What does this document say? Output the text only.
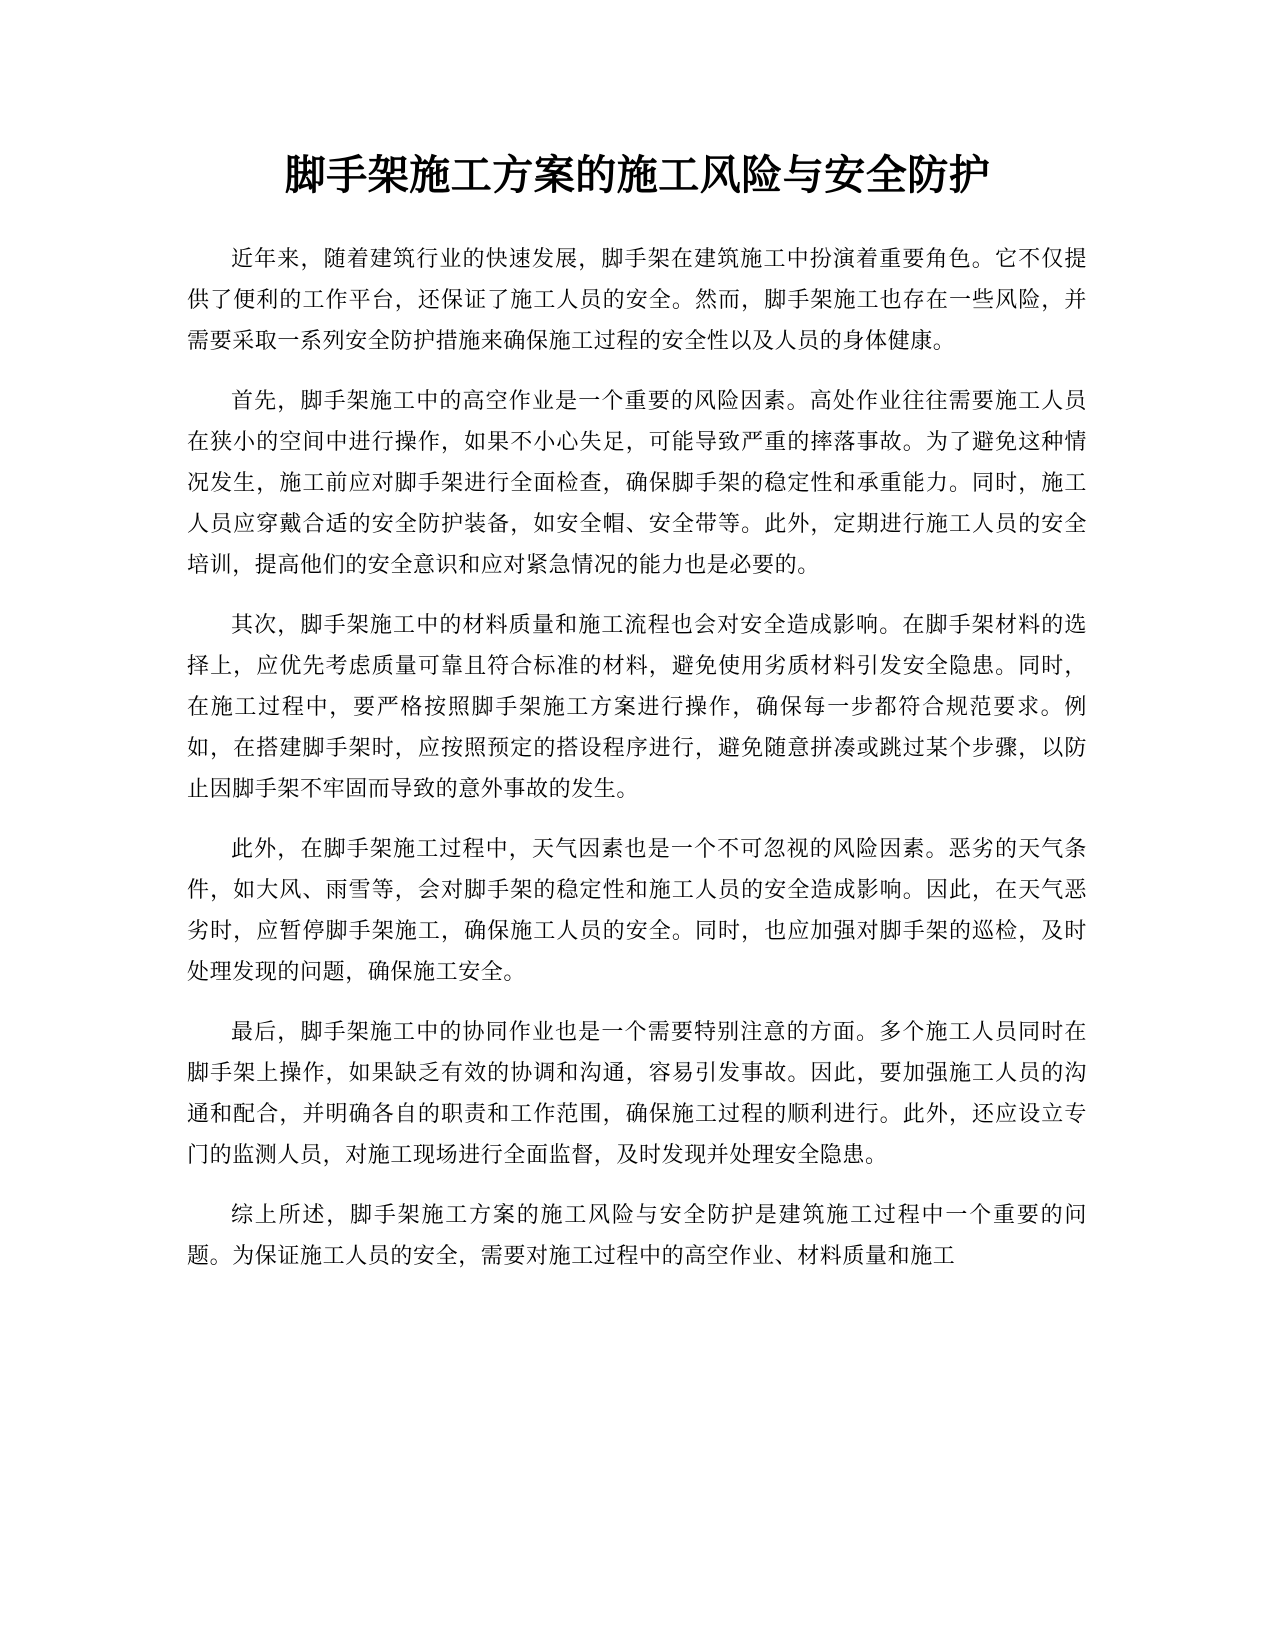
脚手架施工方案的施工风险与安全防护

近年来，随着建筑行业的快速发展，脚手架在建筑施工中扮演着重要角色。它不仅提供了便利的工作平台，还保证了施工人员的安全。然而，脚手架施工也存在一些风险，并需要采取一系列安全防护措施来确保施工过程的安全性以及人员的身体健康。

首先，脚手架施工中的高空作业是一个重要的风险因素。高处作业往往需要施工人员在狭小的空间中进行操作，如果不小心失足，可能导致严重的摔落事故。为了避免这种情况发生，施工前应对脚手架进行全面检查，确保脚手架的稳定性和承重能力。同时，施工人员应穿戴合适的安全防护装备，如安全帽、安全带等。此外，定期进行施工人员的安全培训，提高他们的安全意识和应对紧急情况的能力也是必要的。

其次，脚手架施工中的材料质量和施工流程也会对安全造成影响。在脚手架材料的选择上，应优先考虑质量可靠且符合标准的材料，避免使用劣质材料引发安全隐患。同时，在施工过程中，要严格按照脚手架施工方案进行操作，确保每一步都符合规范要求。例如，在搭建脚手架时，应按照预定的搭设程序进行，避免随意拼凑或跳过某个步骤，以防止因脚手架不牢固而导致的意外事故的发生。

此外，在脚手架施工过程中，天气因素也是一个不可忽视的风险因素。恶劣的天气条件，如大风、雨雪等，会对脚手架的稳定性和施工人员的安全造成影响。因此，在天气恶劣时，应暂停脚手架施工，确保施工人员的安全。同时，也应加强对脚手架的巡检，及时处理发现的问题，确保施工安全。

最后，脚手架施工中的协同作业也是一个需要特别注意的方面。多个施工人员同时在脚手架上操作，如果缺乏有效的协调和沟通，容易引发事故。因此，要加强施工人员的沟通和配合，并明确各自的职责和工作范围，确保施工过程的顺利进行。此外，还应设立专门的监测人员，对施工现场进行全面监督，及时发现并处理安全隐患。

综上所述，脚手架施工方案的施工风险与安全防护是建筑施工过程中一个重要的问题。为保证施工人员的安全，需要对施工过程中的高空作业、材料质量和施工
